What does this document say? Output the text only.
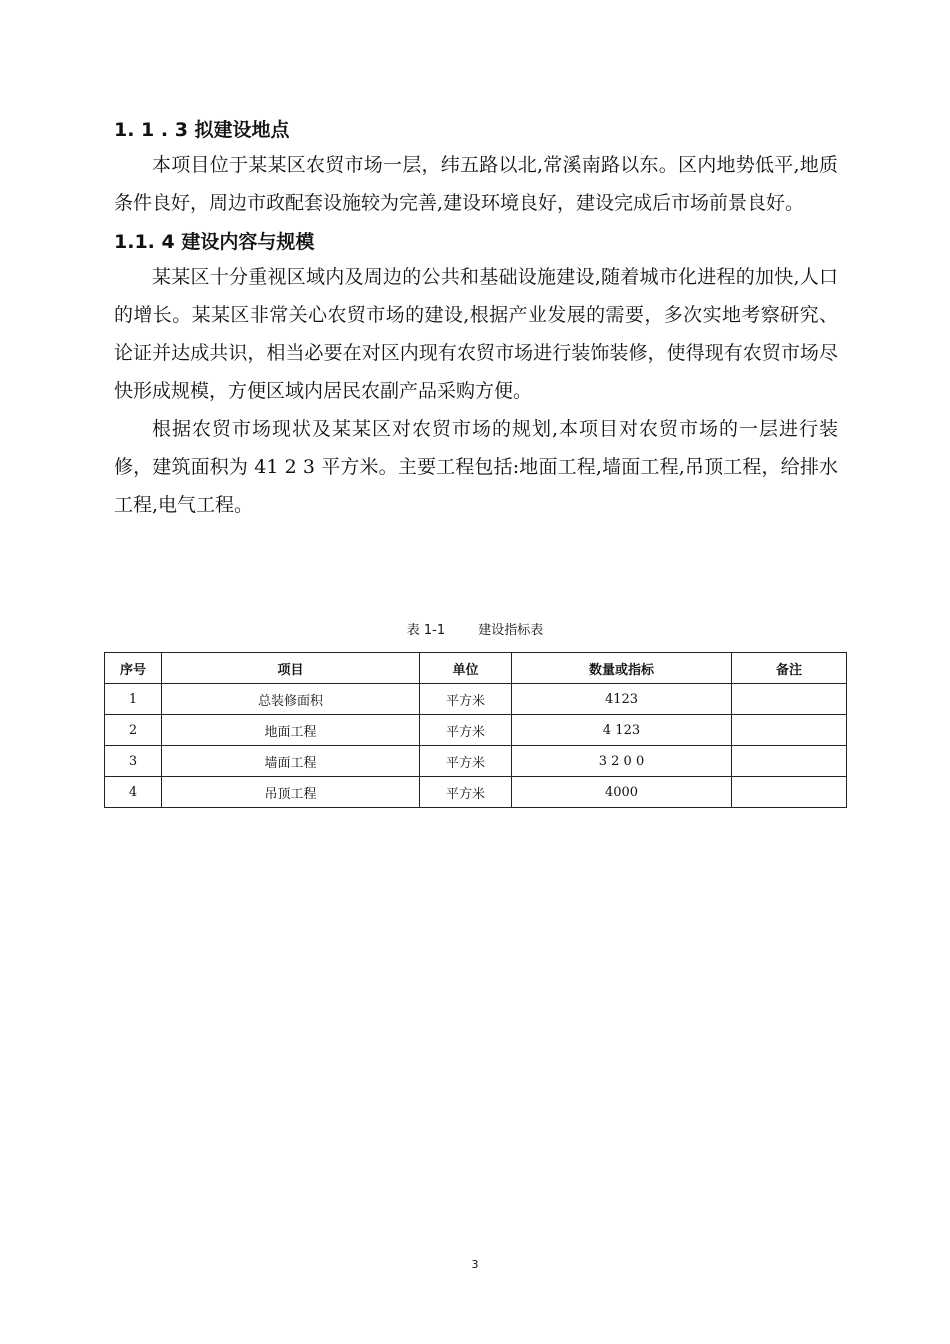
1. 1 . 3 拟建设地点

本项目位于某某区农贸市场一层，纬五路以北,常溪南路以东。区内地势低平,地质条件良好，周边市政配套设施较为完善,建设环境良好，建设完成后市场前景良好。

1.1. 4 建设内容与规模

某某区十分重视区域内及周边的公共和基础设施建设,随着城市化进程的加快,人口的增长。某某区非常关心农贸市场的建设,根据产业发展的需要，多次实地考察研究、论证并达成共识，相当必要在对区内现有农贸市场进行装饰装修，使得现有农贸市场尽快形成规模，方便区域内居民农副产品采购方便。

根据农贸市场现状及某某区对农贸市场的规划,本项目对农贸市场的一层进行装修，建筑面积为 41 2 3 平方米。主要工程包括:地面工程,墙面工程,吊顶工程，给排水工程,电气工程。

表 1-1        建设指标表
序号	项目	单位	数量或指标	备注
1	总装修面积	平方米	4123	
2	地面工程	平方米	4 123	
3	墙面工程	平方米	3 2 0 0	
4	吊顶工程	平方米	4000	
3
